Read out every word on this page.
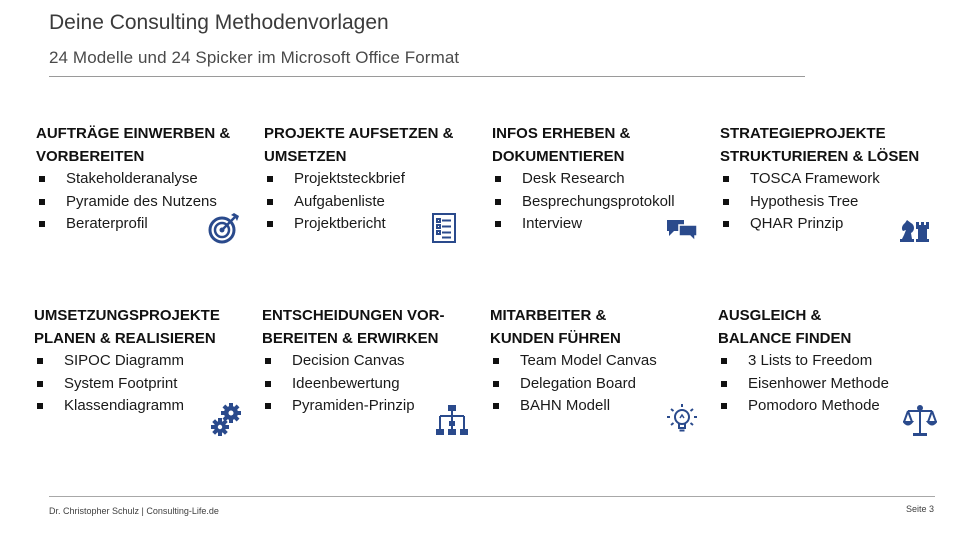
Deine Consulting Methodenvorlagen
24 Modelle und 24 Spicker im Microsoft Office Format
AUFTRÄGE EINWERBEN &
VORBEREITEN
Stakeholderanalyse
Pyramide des Nutzens
Beraterprofil
PROJEKTE AUFSETZEN &
UMSETZEN
Projektsteckbrief
Aufgabenliste
Projektbericht
INFOS ERHEBEN &
DOKUMENTIEREN
Desk Research
Besprechungsprotokoll
Interview
STRATEGIEPROJEKTE
STRUKTURIEREN & LÖSEN
TOSCA Framework
Hypothesis Tree
QHAR Prinzip
UMSETZUNGSPROJEKTE
PLANEN & REALISIEREN
SIPOC Diagramm
System Footprint
Klassendiagramm
ENTSCHEIDUNGEN VOR-
BEREITEN & ERWIRKEN
Decision Canvas
Ideenbewertung
Pyramiden-Prinzip
MITARBEITER &
KUNDEN FÜHREN
Team Model Canvas
Delegation Board
BAHN Modell
AUSGLEICH &
BALANCE FINDEN
3 Lists to Freedom
Eisenhower Methode
Pomodoro Methode
Dr. Christopher Schulz | Consulting-Life.de	Seite 3
